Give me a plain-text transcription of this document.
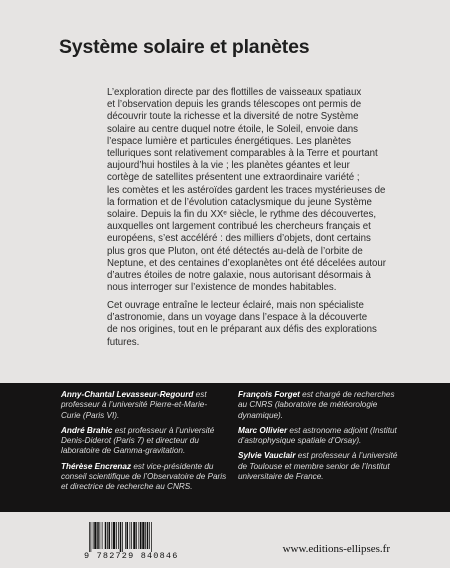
Système solaire et planètes
L’exploration directe par des flottilles de vaisseaux spatiaux
et l’observation depuis les grands télescopes ont permis de
découvrir toute la richesse et la diversité de notre Système
solaire au centre duquel notre étoile, le Soleil, envoie dans
l’espace lumière et particules énergétiques. Les planètes
telluriques sont relativement comparables à la Terre et pourtant
aujourd’hui hostiles à la vie ; les planètes géantes et leur
cortège de satellites présentent une extraordinaire variété ;
les comètes et les astéroïdes gardent les traces mystérieuses de
la formation et de l’évolution cataclysmique du jeune Système
solaire. Depuis la fin du XXᵉ siècle, le rythme des découvertes,
auxquelles ont largement contribué les chercheurs français et
européens, s’est accéléré : des milliers d’objets, dont certains
plus gros que Pluton, ont été détectés au-delà de l’orbite de
Neptune, et des centaines d’exoplanètes ont été décelées autour
d’autres étoiles de notre galaxie, nous autorisant désormais à
nous interroger sur l’existence de mondes habitables.
Cet ouvrage entraîne le lecteur éclairé, mais non spécialiste
d’astronomie, dans un voyage dans l’espace à la découverte
de nos origines, tout en le préparant aux défis des explorations
futures.
Anny-Chantal Levasseur-Regourd est
professeur à l’université Pierre-et-Marie-
Curie (Paris VI).
André Brahic est professeur à l’université
Denis-Diderot (Paris 7) et directeur du
laboratoire de Gamma-gravitation.
Thérèse Encrenaz est vice-présidente du
conseil scientifique de l’Observatoire de Paris
et directrice de recherche au CNRS.
François Forget est chargé de recherches
au CNRS (laboratoire de météorologie
dynamique).
Marc Ollivier est astronome adjoint (Institut
d’astrophysique spatiale d’Orsay).
Sylvie Vauclair est professeur à l’université
de Toulouse et membre senior de l’Institut
universitaire de France.
9 782729 840846
www.editions-ellipses.fr
